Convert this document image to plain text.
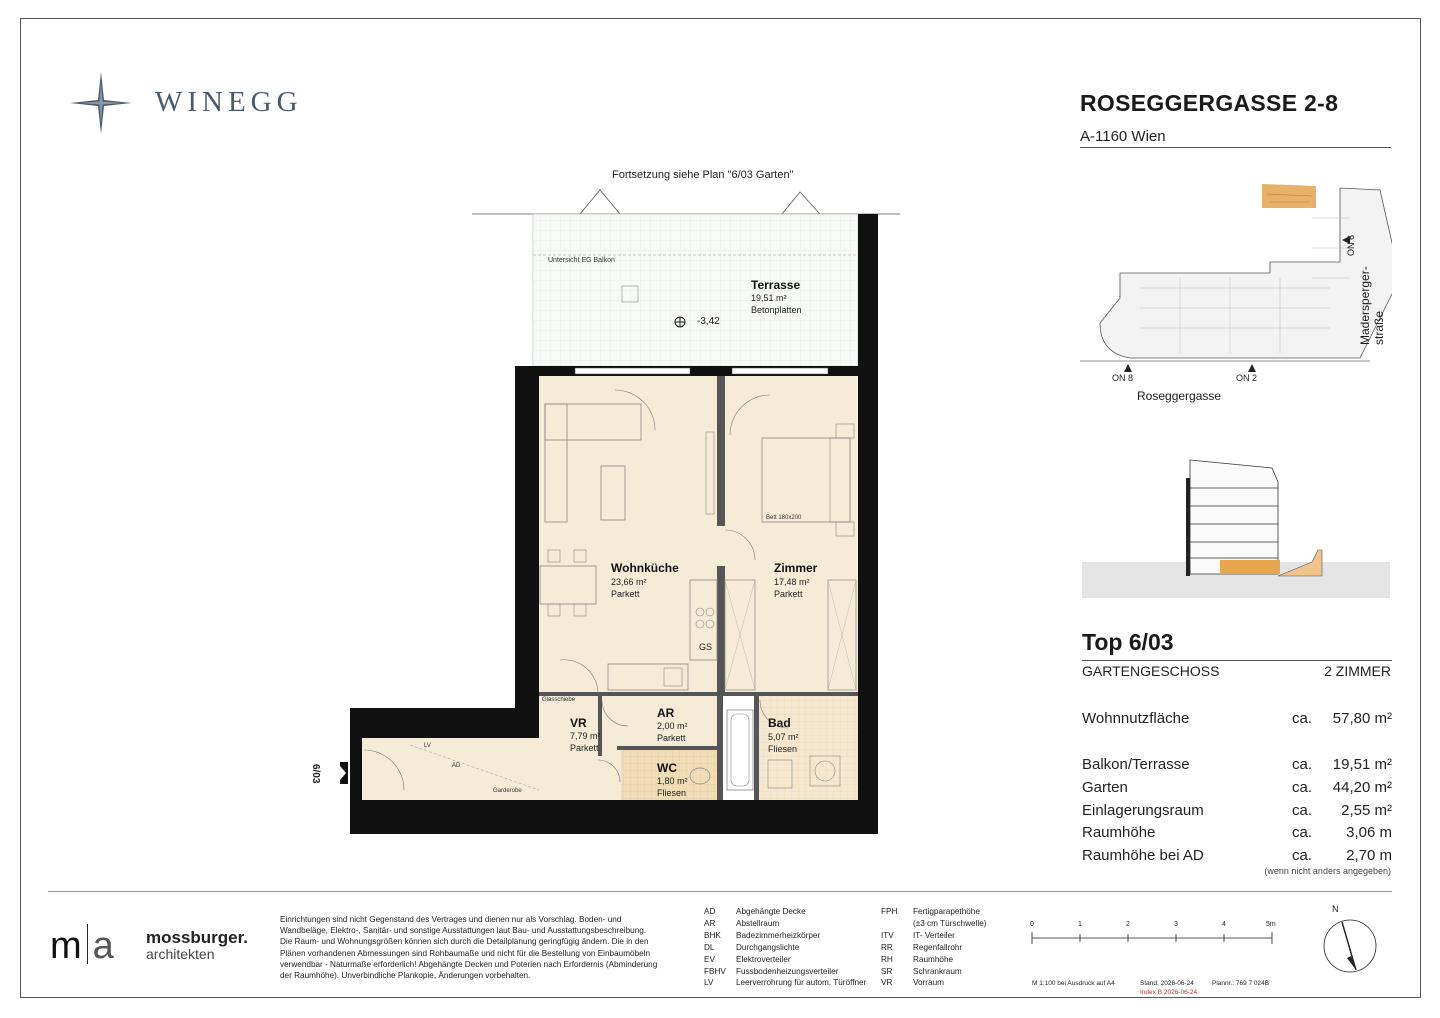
WINEGG	ROSEGGERGASSE 2-8
A-1160 Wien
Fortsetzung siehe Plan "6/03 Garten"
Untersicht EG Balkon
-3,42
Terrasse
19,51 m²
Betonplatten
Wohnküche
23,66 m²
Parkett
Zimmer
17,48 m²
Parkett
VR
7,79 m²
Parkett
AR
2,00 m²
Parkett
Bad
5,07 m²
Fliesen
WC
1,80 m²
Fliesen
GS
Bett 180x200
6/03	AD
LV
Garderobe
Glasschiebe
ON 8	ON 2
ON 6
Roseggergasse
Maderspergerstraße
Top 6/03
GARTENGESCHOSS	2 ZIMMER
Wohnnutzfläche	ca. 57,80 m²
Balkon/Terrasse	ca. 19,51 m²
Garten	ca. 44,20 m²
Einlagerungsraum	ca. 2,55 m²
Raumhöhe	ca. 3,06 m
Raumhöhe bei AD	ca. 2,70 m
(wenn nicht anders angegeben)
m a mossburger.
architekten
Einrichtungen sind nicht Gegenstand des Vertrages und dienen nur als Vorschlag. Boden- und Wandbeläge, Elektro-, Sanitär- und sonstige Ausstattungen laut Bau- und Ausstattungsbeschreibung. Die Raum- und Wohnungsgrößen können sich durch die Detailplanung geringfügig ändern. Die in den Plänen vorhandenen Abmessungen sind Rohbaumaße und nicht für die Bestellung von Einbaumöbeln verwendbar - Naturmaße erforderlich! Abgehängte Decken und Poterien nach Erfordernis (Abminderung der Raumhöhe). Unverbindliche Plankopie, Änderungen vorbehalten.
AD	Abgehängte Decke
AR	Abstellraum
BHK Badezimmerheizkörper
DL	Durchgangslichte
EV	Elektroverteiler
FBHV Fussbodenheizungsverteiler
LV	Leerverrohrung für autom. Türöffner
FPH Fertigparapethöhe
(±3 cm Türschwelle)
ITV IT- Verteiler
RR Regenfallrohr
RH Raumhöhe
SR	Schrankraum
VR	Vorraum
0	1	2	3	4	5m
M 1:100 bei Ausdruck auf A4	Stand: 2026-06-24
Index B 2026-06-24
Plannr.: 769 7 024B
N
